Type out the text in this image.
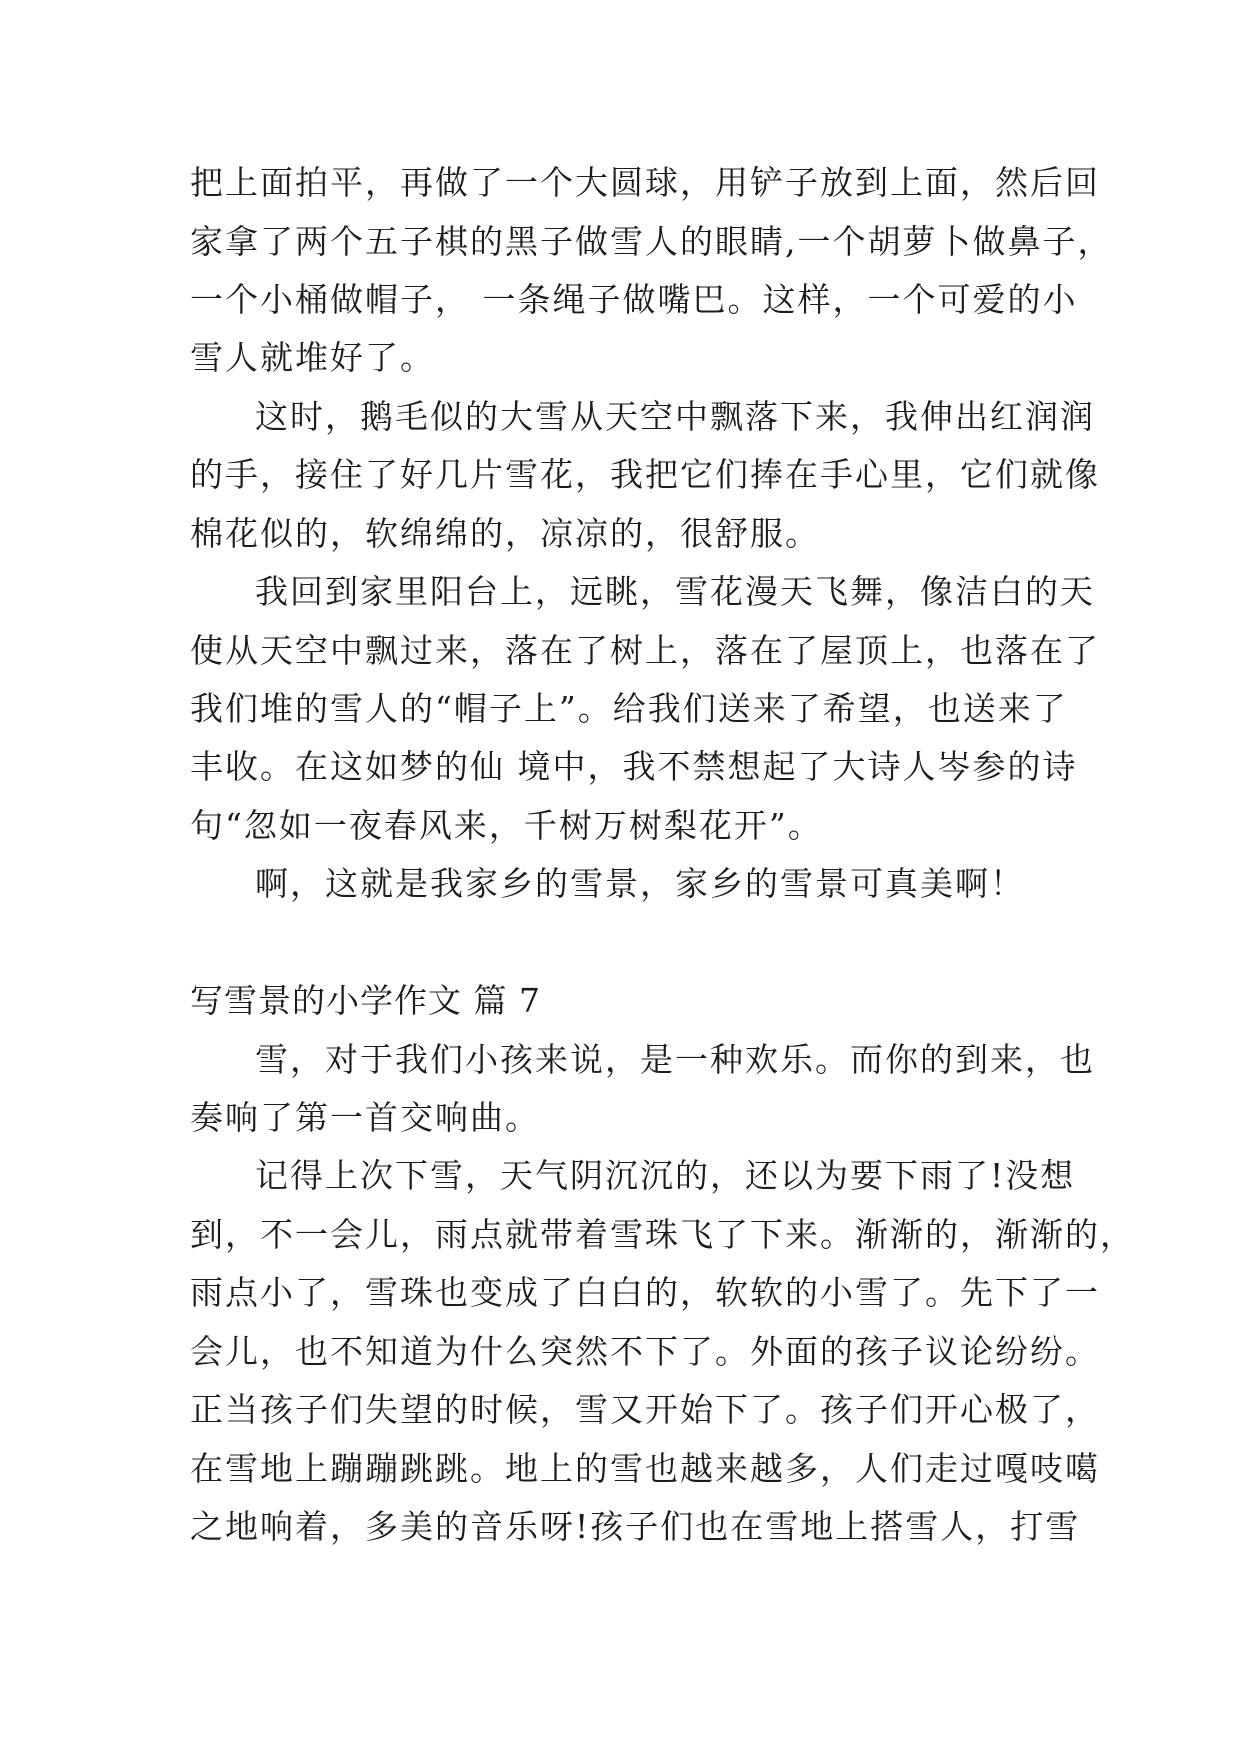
把上面拍平，再做了一个大圆球，用铲子放到上面，然后回

家拿了两个五子棋的黑子做雪人的眼睛,一个胡萝卜做鼻子，

一个小桶做帽子， 一条绳子做嘴巴。这样，一个可爱的小

雪人就堆好了。

这时，鹅毛似的大雪从天空中飘落下来，我伸出红润润

的手，接住了好几片雪花，我把它们捧在手心里，它们就像

棉花似的，软绵绵的，凉凉的，很舒服。

我回到家里阳台上，远眺，雪花漫天飞舞，像洁白的天

使从天空中飘过来，落在了树上，落在了屋顶上，也落在了

我们堆的雪人的“帽子上”。给我们送来了希望，也送来了

丰收。在这如梦的仙 境中，我不禁想起了大诗人岑参的诗

句“忽如一夜春风来，千树万树梨花开”。

啊，这就是我家乡的雪景，家乡的雪景可真美啊！

写雪景的小学作文 篇 7

雪，对于我们小孩来说，是一种欢乐。而你的到来，也

奏响了第一首交响曲。

记得上次下雪，天气阴沉沉的，还以为要下雨了!没想

到，不一会儿，雨点就带着雪珠飞了下来。渐渐的，渐渐的，

雨点小了，雪珠也变成了白白的，软软的小雪了。先下了一

会儿，也不知道为什么突然不下了。外面的孩子议论纷纷。

正当孩子们失望的时候，雪又开始下了。孩子们开心极了，

在雪地上蹦蹦跳跳。地上的雪也越来越多，人们走过嘎吱噶

之地响着，多美的音乐呀!孩子们也在雪地上搭雪人，打雪
